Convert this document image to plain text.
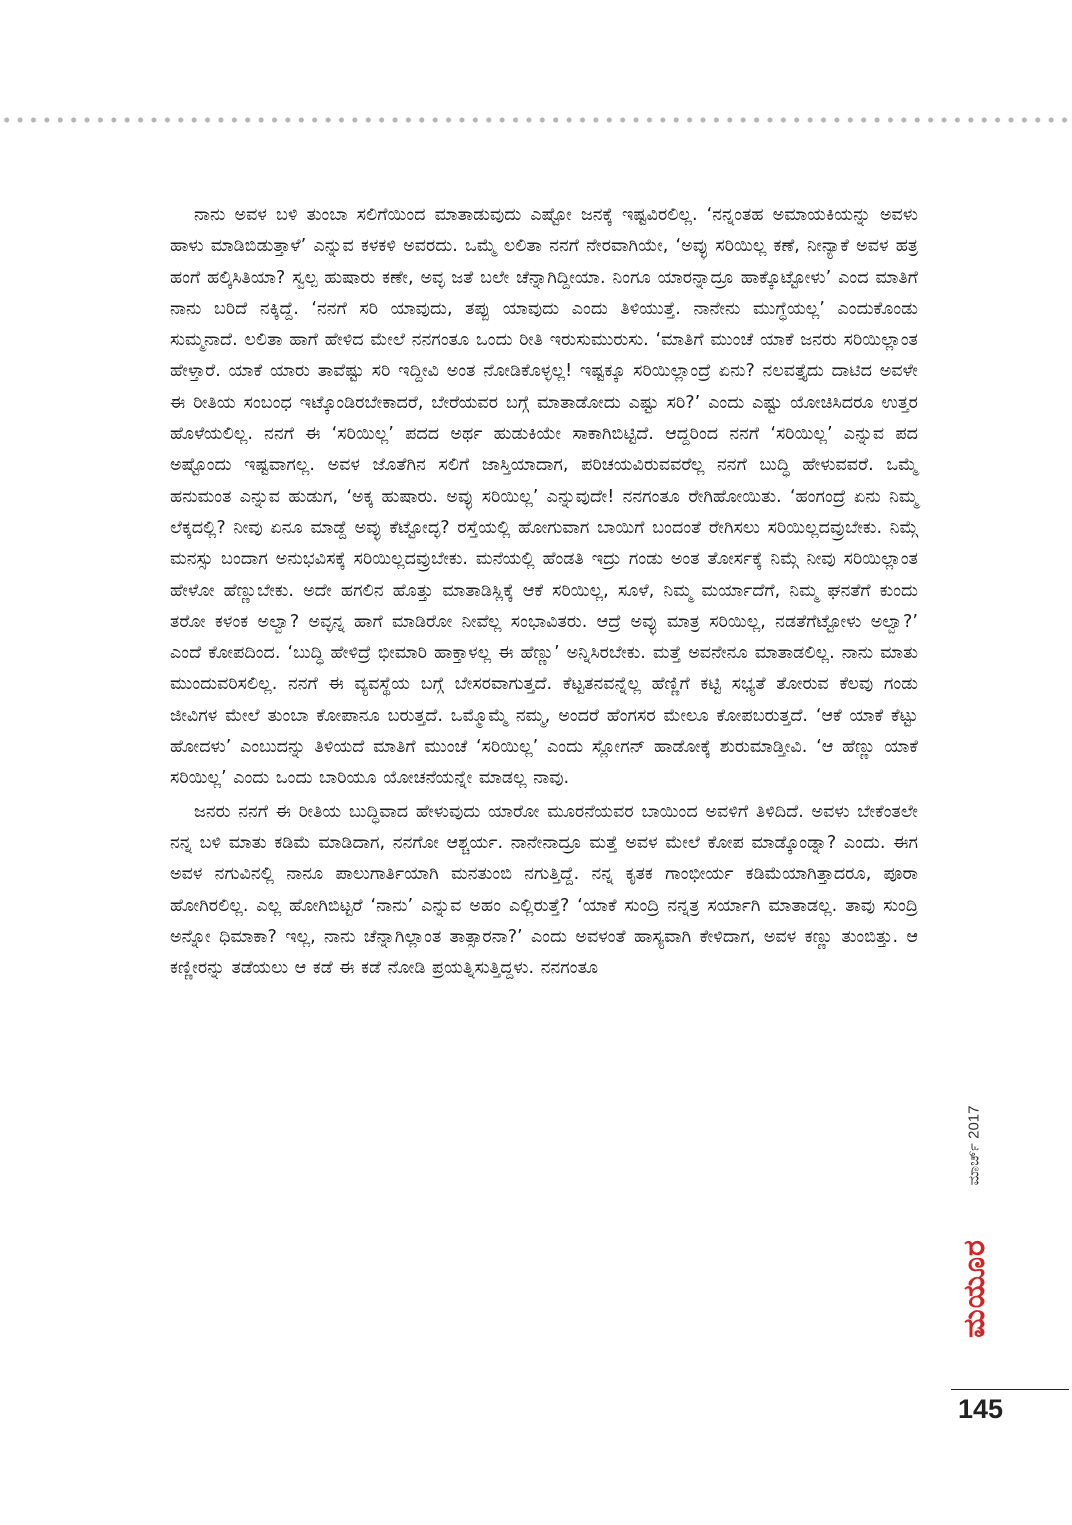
ನಾನು ಅವಳ ಬಳಿ ತುಂಬಾ ಸಲಿಗೆಯಿಂದ ಮಾತಾಡುವುದು ಎಷ್ಟೋ ಜನಕ್ಕೆ ಇಷ್ಟವಿರಲಿಲ್ಲ. ‘ನನ್ನಂತಹ ಅಮಾಯಕಿಯನ್ನು ಅವಳು ಹಾಳು ಮಾಡಿಬಿಡುತ್ತಾಳೆ’ ಎನ್ನುವ ಕಳಕಳಿ ಅವರದು. ಒಮ್ಮೆ ಲಲಿತಾ ನನಗೆ ನೇರವಾಗಿಯೇ, ‘ಅವ್ಳು ಸರಿಯಿಲ್ಲ ಕಣೆ, ನೀನ್ಯಾಕೆ ಅವಳ ಹತ್ರ ಹಂಗೆ ಹಲ್ಕಿಸಿತಿಯಾ? ಸ್ವಲ್ಪ ಹುಷಾರು ಕಣೇ, ಅವ್ಳ ಜತೆ ಬಲೇ ಚೆನ್ನಾಗಿದ್ದೀಯಾ. ನಿಂಗೂ ಯಾರನ್ನಾದ್ರೂ ಹಾಕ್ಕೊಟ್ಟೋಳು’ ಎಂದ ಮಾತಿಗೆ ನಾನು ಬರಿದೆ ನಕ್ಕಿದ್ದೆ. ‘ನನಗೆ ಸರಿ ಯಾವುದು, ತಪ್ಪು ಯಾವುದು ಎಂದು ತಿಳಿಯುತ್ತೆ. ನಾನೇನು ಮುಗ್ಧೆಯಲ್ಲ’ ಎಂದುಕೊಂಡು ಸುಮ್ಮನಾದೆ. ಲಲಿತಾ ಹಾಗೆ ಹೇಳಿದ ಮೇಲೆ ನನಗಂತೂ ಒಂದು ರೀತಿ ಇರುಸುಮುರುಸು. ‘ಮಾತಿಗೆ ಮುಂಚೆ ಯಾಕೆ ಜನರು ಸರಿಯಿಲ್ಲಾಂತ ಹೇಳ್ತಾರೆ. ಯಾಕೆ ಯಾರು ತಾವೆಷ್ಟು ಸರಿ ಇದ್ದೀವಿ ಅಂತ ನೋಡಿಕೊಳ್ಳಲ್ಲ! ಇಷ್ಟಕ್ಕೂ ಸರಿಯಿಲ್ಲಾಂದ್ರೆ ಏನು? ನಲವತ್ತೈದು ದಾಟಿದ ಅವಳೇ ಈ ರೀತಿಯ ಸಂಬಂಧ ಇಟ್ಕೊಂಡಿರಬೇಕಾದರೆ, ಬೇರೆಯವರ ಬಗ್ಗೆ ಮಾತಾಡೋದು ಎಷ್ಟು ಸರಿ?’ ಎಂದು ಎಷ್ಟು ಯೋಚಿಸಿದರೂ ಉತ್ತರ ಹೊಳೆಯಲಿಲ್ಲ. ನನಗೆ ಈ ‘ಸರಿಯಿಲ್ಲ’ ಪದದ ಅರ್ಥ ಹುಡುಕಿಯೇ ಸಾಕಾಗಿಬಿಟ್ಟಿದೆ. ಆದ್ದರಿಂದ ನನಗೆ ‘ಸರಿಯಿಲ್ಲ’ ಎನ್ನುವ ಪದ ಅಷ್ಟೊಂದು ಇಷ್ಟವಾಗಲ್ಲ. ಅವಳ ಜೊತೆಗಿನ ಸಲಿಗೆ ಜಾಸ್ತಿಯಾದಾಗ, ಪರಿಚಯವಿರುವವರೆಲ್ಲ ನನಗೆ ಬುದ್ಧಿ ಹೇಳುವವರೆ. ಒಮ್ಮೆ ಹನುಮಂತ ಎನ್ನುವ ಹುಡುಗ, ‘ಅಕ್ಕ ಹುಷಾರು. ಅವ್ಳು ಸರಿಯಿಲ್ಲ’ ಎನ್ನುವುದೇ! ನನಗಂತೂ ರೇಗಿಹೋಯಿತು. ‘ಹಂಗಂದ್ರೆ ಏನು ನಿಮ್ಮ ಲೆಕ್ಕದಲ್ಲಿ? ನೀವು ಏನೂ ಮಾಡ್ದೆ ಅವ್ಳು ಕೆಟ್ಟೋದ್ಳ? ರಸ್ತೆಯಲ್ಲಿ ಹೋಗುವಾಗ ಬಾಯಿಗೆ ಬಂದಂತೆ ರೇಗಿಸಲು ಸರಿಯಿಲ್ಲದವ್ರುಬೇಕು. ನಿಮ್ಗೆ ಮನಸ್ಸು ಬಂದಾಗ ಅನುಭವಿಸಕ್ಕೆ ಸರಿಯಿಲ್ಲದವ್ರುಬೇಕು. ಮನೆಯಲ್ಲಿ ಹೆಂಡತಿ ಇದ್ರು ಗಂಡು ಅಂತ ತೋರ್ಸಕ್ಕೆ ನಿಮ್ಗೆ ನೀವು ಸರಿಯಿಲ್ಲಾಂತ ಹೇಳೋ ಹೆಣ್ಣುಬೇಕು. ಅದೇ ಹಗಲಿನ ಹೊತ್ತು ಮಾತಾಡಿಸ್ಲಿಕ್ಕೆ ಆಕೆ ಸರಿಯಿಲ್ಲ, ಸೂಳೆ, ನಿಮ್ಮ ಮರ್ಯಾದೆಗೆ, ನಿಮ್ಮ ಘನತೆಗೆ ಕುಂದು ತರೋ ಕಳಂಕ ಅಲ್ವಾ? ಅವ್ಳನ್ನ ಹಾಗೆ ಮಾಡಿರೋ ನೀವೆಲ್ಲ ಸಂಭಾವಿತರು. ಆದ್ರೆ ಅವ್ಳು ಮಾತ್ರ ಸರಿಯಿಲ್ಲ, ನಡತೆಗೆಟ್ಟೋಳು ಅಲ್ವಾ?’ ಎಂದೆ ಕೋಪದಿಂದ. ‘ಬುದ್ಧಿ ಹೇಳಿದ್ರೆ ಭೀಮಾರಿ ಹಾಕ್ತಾಳಲ್ಲ ಈ ಹೆಣ್ಣು’ ಅನ್ನಿಸಿರಬೇಕು. ಮತ್ತೆ ಅವನೇನೂ ಮಾತಾಡಲಿಲ್ಲ. ನಾನು ಮಾತು ಮುಂದುವರಿಸಲಿಲ್ಲ. ನನಗೆ ಈ ವ್ಯವಸ್ಥೆಯ ಬಗ್ಗೆ ಬೇಸರವಾಗುತ್ತದೆ. ಕೆಟ್ಟತನವನ್ನೆಲ್ಲ ಹೆಣ್ಣಿಗೆ ಕಟ್ಟಿ ಸಭ್ಯತೆ ತೋರುವ ಕೆಲವು ಗಂಡು ಜೀವಿಗಳ ಮೇಲೆ ತುಂಬಾ ಕೋಪಾನೂ ಬರುತ್ತದೆ. ಒಮ್ಮೊಮ್ಮೆ ನಮ್ಮ, ಅಂದರೆ ಹೆಂಗಸರ ಮೇಲೂ ಕೋಪಬರುತ್ತದೆ. ‘ಆಕೆ ಯಾಕೆ ಕೆಟ್ಟು ಹೋದಳು’ ಎಂಬುದನ್ನು ತಿಳಿಯದೆ ಮಾತಿಗೆ ಮುಂಚೆ ‘ಸರಿಯಿಲ್ಲ’ ಎಂದು ಸ್ಲೋಗನ್ ಹಾಡೋಕ್ಕೆ ಶುರುಮಾಡ್ತೀವಿ. ‘ಆ ಹೆಣ್ಣು ಯಾಕೆ ಸರಿಯಿಲ್ಲ’ ಎಂದು ಒಂದು ಬಾರಿಯೂ ಯೋಚನೆಯನ್ನೇ ಮಾಡಲ್ಲ ನಾವು.

ಜನರು ನನಗೆ ಈ ರೀತಿಯ ಬುದ್ಧಿವಾದ ಹೇಳುವುದು ಯಾರೋ ಮೂರನೆಯವರ ಬಾಯಿಂದ ಅವಳಿಗೆ ತಿಳಿದಿದೆ. ಅವಳು ಬೇಕೆಂತಲೇ ನನ್ನ ಬಳಿ ಮಾತು ಕಡಿಮೆ ಮಾಡಿದಾಗ, ನನಗೋ ಆಶ್ಚರ್ಯ. ನಾನೇನಾದ್ರೂ ಮತ್ತೆ ಅವಳ ಮೇಲೆ ಕೋಪ ಮಾಡ್ಕೊಂಡ್ನಾ? ಎಂದು. ಈಗ ಅವಳ ನಗುವಿನಲ್ಲಿ ನಾನೂ ಪಾಲುಗಾರ್ತಿಯಾಗಿ ಮನತುಂಬಿ ನಗುತ್ತಿದ್ದೆ. ನನ್ನ ಕೃತಕ ಗಾಂಭೀರ್ಯ ಕಡಿಮೆಯಾಗಿತ್ತಾದರೂ, ಪೂರಾ ಹೋಗಿರಲಿಲ್ಲ. ಎಲ್ಲ ಹೋಗಿಬಿಟ್ಟರೆ ‘ನಾನು’ ಎನ್ನುವ ಅಹಂ ಎಲ್ಲಿರುತ್ತೆ? ‘ಯಾಕೆ ಸುಂದ್ರಿ ನನ್ನತ್ರ ಸರ್ಯಾಗಿ ಮಾತಾಡಲ್ಲ. ತಾವು ಸುಂದ್ರಿ ಅನ್ನೋ ಧಿಮಾಕಾ? ಇಲ್ಲ, ನಾನು ಚೆನ್ನಾಗಿಲ್ಲಾಂತ ತಾತ್ಸಾರನಾ?’ ಎಂದು ಅವಳಂತೆ ಹಾಸ್ಯವಾಗಿ ಕೇಳಿದಾಗ, ಅವಳ ಕಣ್ಣು ತುಂಬಿತ್ತು. ಆ ಕಣ್ಣೀರನ್ನು ತಡೆಯಲು ಆ ಕಡೆ ಈ ಕಡೆ ನೋಡಿ ಪ್ರಯತ್ನಿಸುತ್ತಿದ್ದಳು. ನನಗಂತೂ

ಮಾರ್ಚ್ 2017
ಮಯೂರ
145
